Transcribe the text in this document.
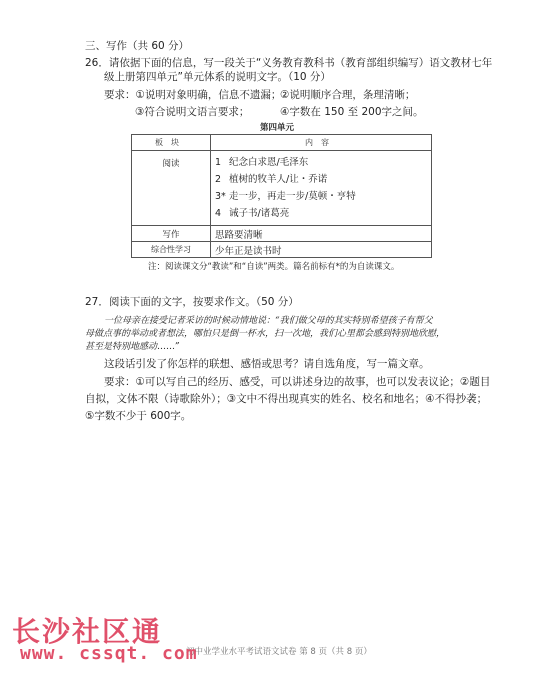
三、写作（共 60 分）
26．请依据下面的信息，写一段关于“义务教育教科书（教育部组织编写）语文教材七年
级上册第四单元”单元体系的说明文字。（10 分）
要求：①说明对象明确，信息不遗漏；
②说明顺序合理，条理清晰；
③符合说明文语言要求；	④字数在 150 至 200字之间。
第四单元
板块	内容
阅读	1 纪念白求恩/毛泽东
2 植树的牧羊人/让・乔诺
3* 走一步，再走一步/莫顿・亨特
4 诫子书/诸葛亮

写作	思路要清晰
综合性学习	少年正是读书时
注：阅读课文分“教读”和“自读”两类。篇名前标有*的为自读课文。
27．阅读下面的文字，按要求作文。（50 分）
一位母亲在接受记者采访的时候动情地说：“我们做父母的其实特别希望孩子有帮父
母做点事的举动或者想法，哪怕只是倒一杯水，扫一次地，我们心里都会感到特别地欣慰，
甚至是特别地感动……”
这段话引发了你怎样的联想、感悟或思考？请自选角度，写一篇文章。
要求：①可以写自己的经历、感受，可以讲述身边的故事，也可以发表议论；②题目
自拟，文体不限（诗歌除外）；③文中不得出现真实的姓名、校名和地名；④不得抄袭；
⑤字数不少于 600字。
初中业学业水平考试语文试卷 第 8 页（共 8 页）
长沙社区通
www. cssqt. com
